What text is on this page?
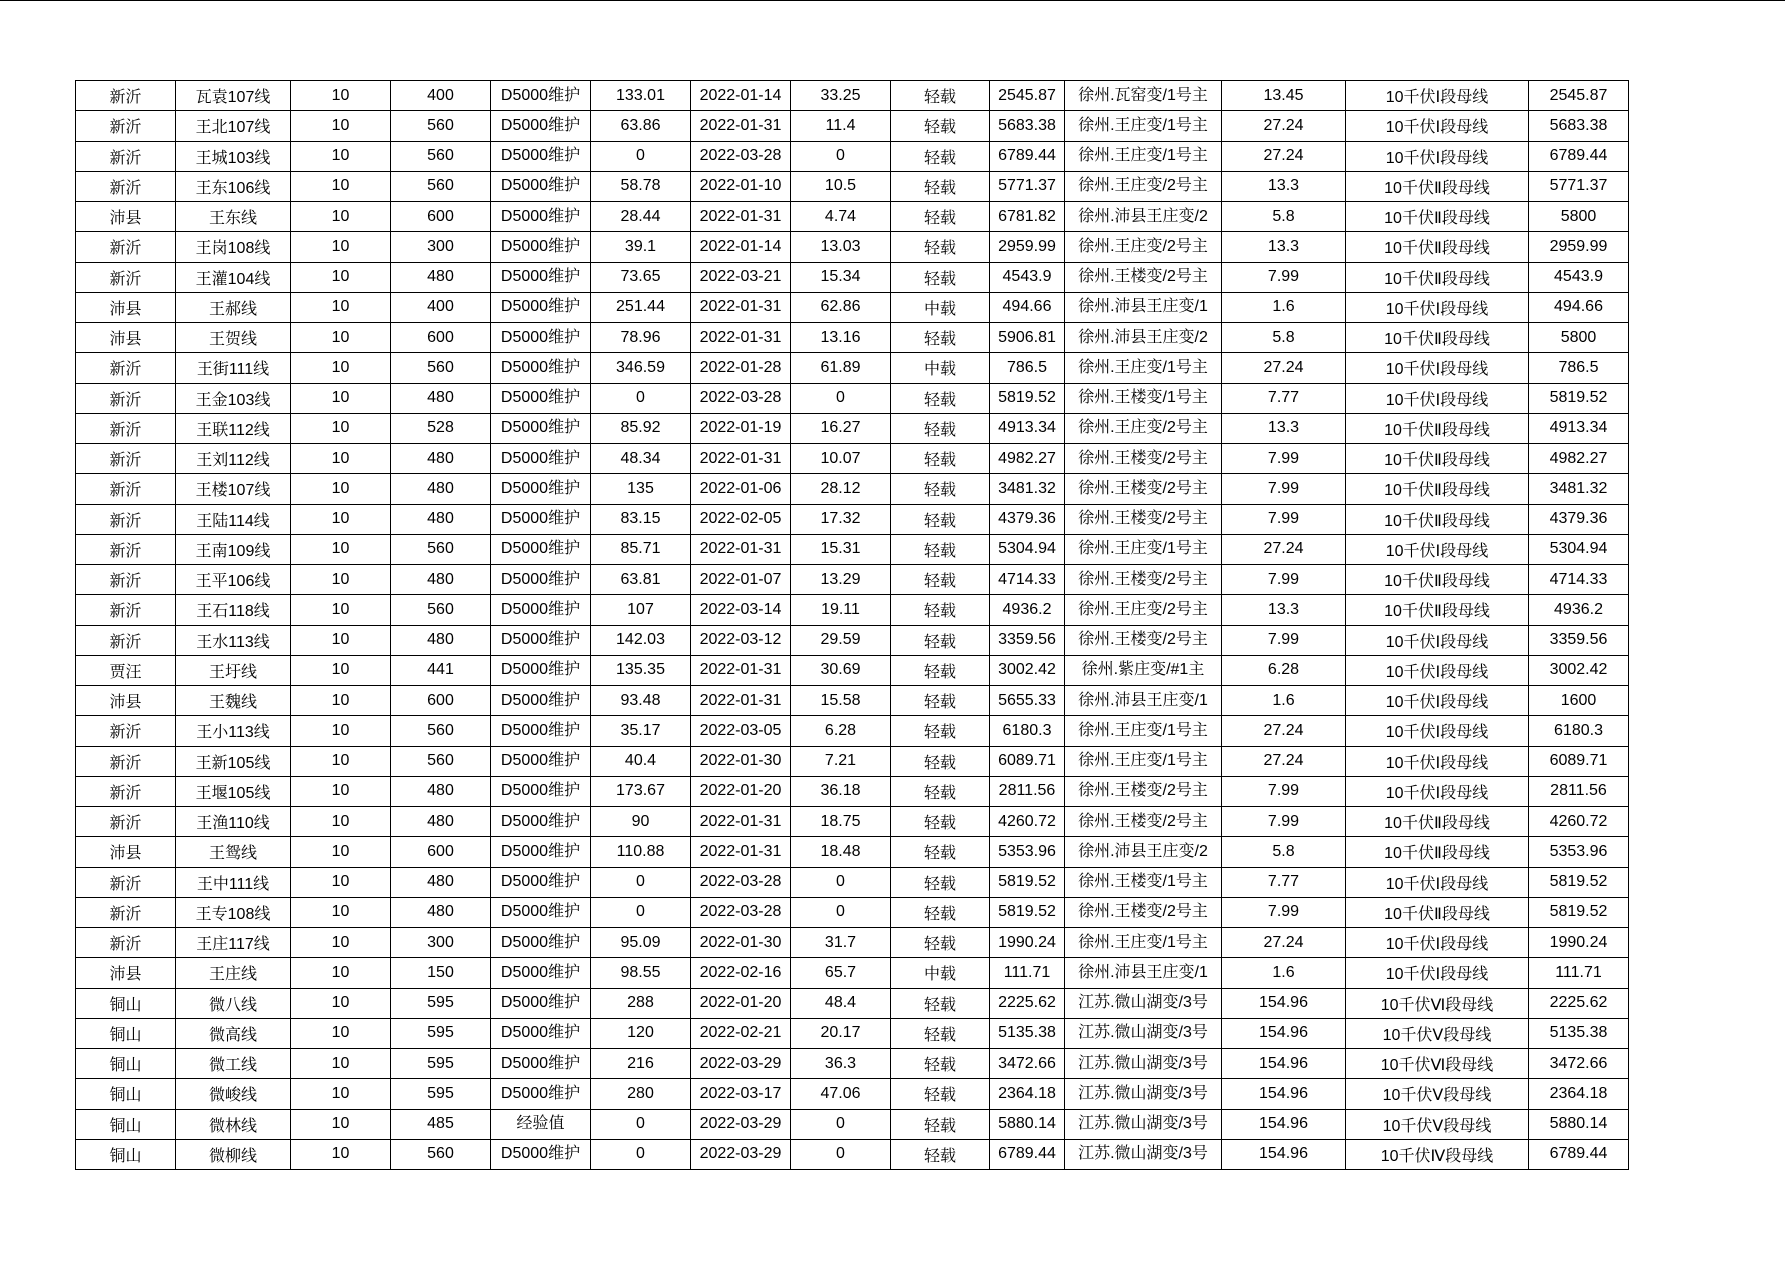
新沂	瓦袁107线	10	400	D5000维护	133.01	2022-01-14	33.25	轻载	2545.87	徐州.瓦窑变/1号主	13.45	10千伏Ⅰ段母线	2545.87
新沂	王北107线	10	560	D5000维护	63.86	2022-01-31	11.4	轻载	5683.38	徐州.王庄变/1号主	27.24	10千伏Ⅰ段母线	5683.38
新沂	王城103线	10	560	D5000维护	0	2022-03-28	0	轻载	6789.44	徐州.王庄变/1号主	27.24	10千伏Ⅰ段母线	6789.44
新沂	王东106线	10	560	D5000维护	58.78	2022-01-10	10.5	轻载	5771.37	徐州.王庄变/2号主	13.3	10千伏Ⅱ段母线	5771.37
沛县	王东线	10	600	D5000维护	28.44	2022-01-31	4.74	轻载	6781.82	徐州.沛县王庄变/2	5.8	10千伏Ⅱ段母线	5800
新沂	王岗108线	10	300	D5000维护	39.1	2022-01-14	13.03	轻载	2959.99	徐州.王庄变/2号主	13.3	10千伏Ⅱ段母线	2959.99
新沂	王灌104线	10	480	D5000维护	73.65	2022-03-21	15.34	轻载	4543.9	徐州.王楼变/2号主	7.99	10千伏Ⅱ段母线	4543.9
沛县	王郝线	10	400	D5000维护	251.44	2022-01-31	62.86	中载	494.66	徐州.沛县王庄变/1	1.6	10千伏Ⅰ段母线	494.66
沛县	王贺线	10	600	D5000维护	78.96	2022-01-31	13.16	轻载	5906.81	徐州.沛县王庄变/2	5.8	10千伏Ⅱ段母线	5800
新沂	王街111线	10	560	D5000维护	346.59	2022-01-28	61.89	中载	786.5	徐州.王庄变/1号主	27.24	10千伏Ⅰ段母线	786.5
新沂	王金103线	10	480	D5000维护	0	2022-03-28	0	轻载	5819.52	徐州.王楼变/1号主	7.77	10千伏Ⅰ段母线	5819.52
新沂	王联112线	10	528	D5000维护	85.92	2022-01-19	16.27	轻载	4913.34	徐州.王庄变/2号主	13.3	10千伏Ⅱ段母线	4913.34
新沂	王刘112线	10	480	D5000维护	48.34	2022-01-31	10.07	轻载	4982.27	徐州.王楼变/2号主	7.99	10千伏Ⅱ段母线	4982.27
新沂	王楼107线	10	480	D5000维护	135	2022-01-06	28.12	轻载	3481.32	徐州.王楼变/2号主	7.99	10千伏Ⅱ段母线	3481.32
新沂	王陆114线	10	480	D5000维护	83.15	2022-02-05	17.32	轻载	4379.36	徐州.王楼变/2号主	7.99	10千伏Ⅱ段母线	4379.36
新沂	王南109线	10	560	D5000维护	85.71	2022-01-31	15.31	轻载	5304.94	徐州.王庄变/1号主	27.24	10千伏Ⅰ段母线	5304.94
新沂	王平106线	10	480	D5000维护	63.81	2022-01-07	13.29	轻载	4714.33	徐州.王楼变/2号主	7.99	10千伏Ⅱ段母线	4714.33
新沂	王石118线	10	560	D5000维护	107	2022-03-14	19.11	轻载	4936.2	徐州.王庄变/2号主	13.3	10千伏Ⅱ段母线	4936.2
新沂	王水113线	10	480	D5000维护	142.03	2022-03-12	29.59	轻载	3359.56	徐州.王楼变/2号主	7.99	10千伏Ⅰ段母线	3359.56
贾汪	王圩线	10	441	D5000维护	135.35	2022-01-31	30.69	轻载	3002.42	徐州.紫庄变/#1主	6.28	10千伏Ⅰ段母线	3002.42
沛县	王魏线	10	600	D5000维护	93.48	2022-01-31	15.58	轻载	5655.33	徐州.沛县王庄变/1	1.6	10千伏Ⅰ段母线	1600
新沂	王小113线	10	560	D5000维护	35.17	2022-03-05	6.28	轻载	6180.3	徐州.王庄变/1号主	27.24	10千伏Ⅰ段母线	6180.3
新沂	王新105线	10	560	D5000维护	40.4	2022-01-30	7.21	轻载	6089.71	徐州.王庄变/1号主	27.24	10千伏Ⅰ段母线	6089.71
新沂	王堰105线	10	480	D5000维护	173.67	2022-01-20	36.18	轻载	2811.56	徐州.王楼变/2号主	7.99	10千伏Ⅰ段母线	2811.56
新沂	王渔110线	10	480	D5000维护	90	2022-01-31	18.75	轻载	4260.72	徐州.王楼变/2号主	7.99	10千伏Ⅱ段母线	4260.72
沛县	王鸳线	10	600	D5000维护	110.88	2022-01-31	18.48	轻载	5353.96	徐州.沛县王庄变/2	5.8	10千伏Ⅱ段母线	5353.96
新沂	王中111线	10	480	D5000维护	0	2022-03-28	0	轻载	5819.52	徐州.王楼变/1号主	7.77	10千伏Ⅰ段母线	5819.52
新沂	王专108线	10	480	D5000维护	0	2022-03-28	0	轻载	5819.52	徐州.王楼变/2号主	7.99	10千伏Ⅱ段母线	5819.52
新沂	王庄117线	10	300	D5000维护	95.09	2022-01-30	31.7	轻载	1990.24	徐州.王庄变/1号主	27.24	10千伏Ⅰ段母线	1990.24
沛县	王庄线	10	150	D5000维护	98.55	2022-02-16	65.7	中载	111.71	徐州.沛县王庄变/1	1.6	10千伏Ⅰ段母线	111.71
铜山	微八线	10	595	D5000维护	288	2022-01-20	48.4	轻载	2225.62	江苏.微山湖变/3号	154.96	10千伏Ⅵ段母线	2225.62
铜山	微高线	10	595	D5000维护	120	2022-02-21	20.17	轻载	5135.38	江苏.微山湖变/3号	154.96	10千伏Ⅴ段母线	5135.38
铜山	微工线	10	595	D5000维护	216	2022-03-29	36.3	轻载	3472.66	江苏.微山湖变/3号	154.96	10千伏Ⅵ段母线	3472.66
铜山	微峻线	10	595	D5000维护	280	2022-03-17	47.06	轻载	2364.18	江苏.微山湖变/3号	154.96	10千伏Ⅴ段母线	2364.18
铜山	微林线	10	485	经验值	0	2022-03-29	0	轻载	5880.14	江苏.微山湖变/3号	154.96	10千伏Ⅴ段母线	5880.14
铜山	微柳线	10	560	D5000维护	0	2022-03-29	0	轻载	6789.44	江苏.微山湖变/3号	154.96	10千伏Ⅳ段母线	6789.44
